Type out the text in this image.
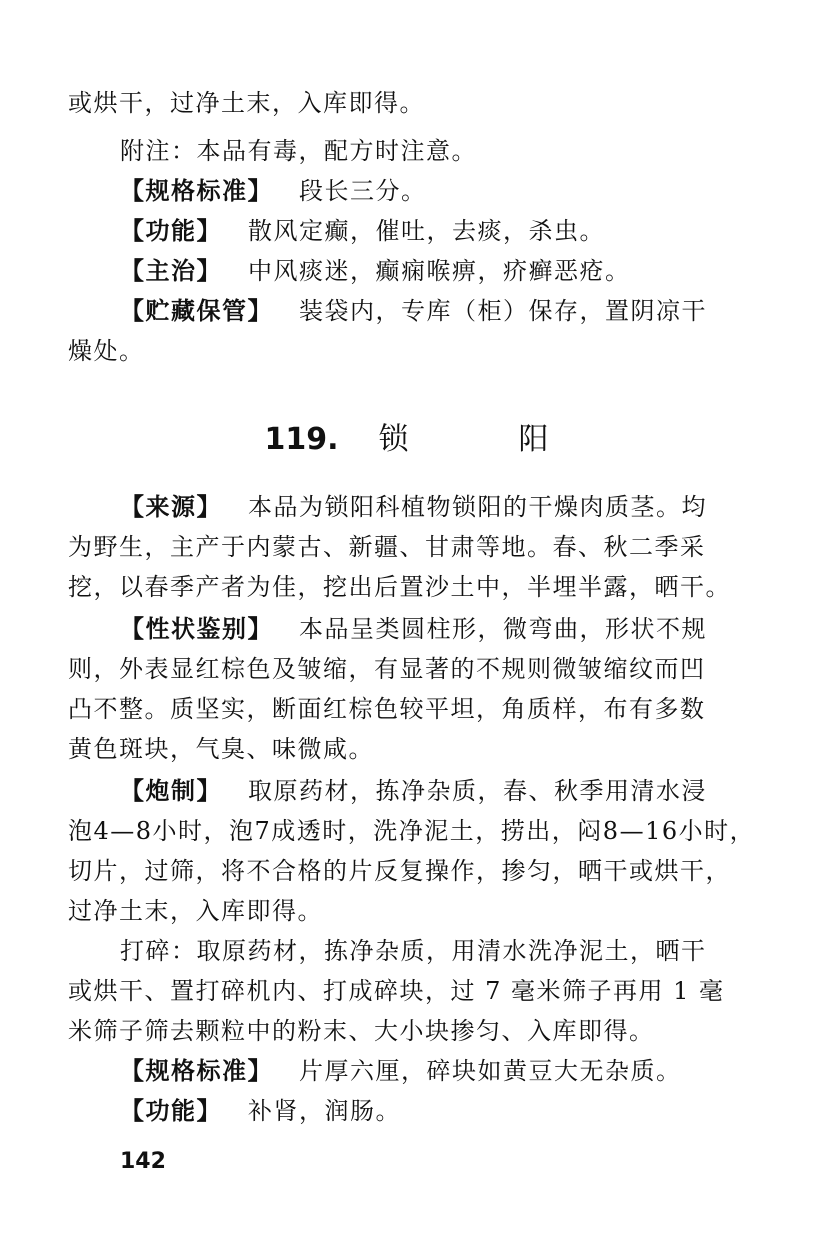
或烘干，过净土末，入库即得。
附注：本品有毒，配方时注意。
【规格标准】 段长三分。
【功能】 散风定癫，催吐，去痰，杀虫。
【主治】 中风痰迷，癫痫喉痹，疥癣恶疮。
【贮藏保管】 装袋内，专库（柜）保存，置阴凉干
燥处。
119. 锁	阳
【来源】 本品为锁阳科植物锁阳的干燥肉质茎。均
为野生，主产于内蒙古、新疆、甘肃等地。春、秋二季采
挖，以春季产者为佳，挖出后置沙土中，半埋半露，晒干。
【性状鉴别】 本品呈类圆柱形，微弯曲，形状不规
则，外表显红棕色及皱缩，有显著的不规则微皱缩纹而凹
凸不整。质坚实，断面红棕色较平坦，角质样，布有多数
黄色斑块，气臭、味微咸。
【炮制】 取原药材，拣净杂质，春、秋季用清水浸
泡4—8小时，泡7成透时，洗净泥土，捞出，闷8—16小时，
切片，过筛，将不合格的片反复操作，掺匀，晒干或烘干，
过净土末，入库即得。
打碎：取原药材，拣净杂质，用清水洗净泥土，晒干
或烘干、置打碎机内、打成碎块，过 7 毫米筛子再用 1 毫
米筛子筛去颗粒中的粉末、大小块掺匀、入库即得。
【规格标准】 片厚六厘，碎块如黄豆大无杂质。
【功能】 补肾，润肠。
142
